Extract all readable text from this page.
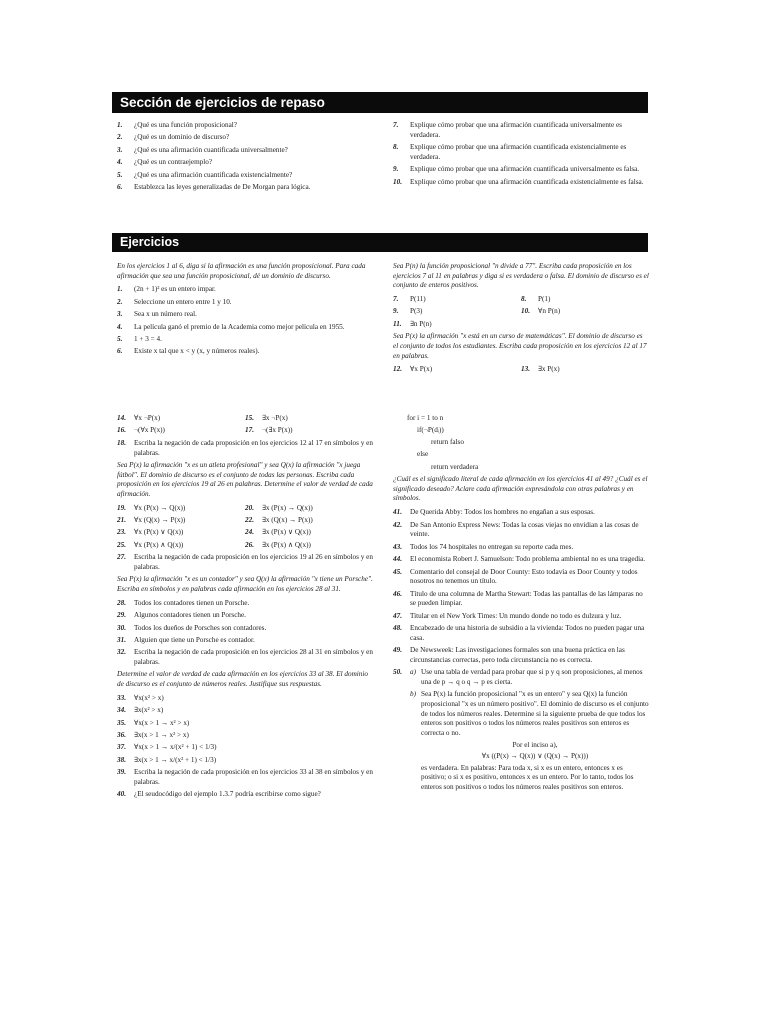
Sección de ejercicios de repaso
1.	¿Qué es una función proposicional?
2.	¿Qué es un dominio de discurso?
3.	¿Qué es una afirmación cuantificada universalmente?
4.	¿Qué es un contraejemplo?
5.	¿Qué es una afirmación cuantificada existencialmente?
6.	Establezca las leyes generalizadas de De Morgan para lógica.
7.	Explique cómo probar que una afirmación cuantificada universalmente es verdadera.
8.	Explique cómo probar que una afirmación cuantificada existencialmente es verdadera.
9.	Explique cómo probar que una afirmación cuantificada universalmente es falsa.
10.	Explique cómo probar que una afirmación cuantificada existencialmente es falsa.
Ejercicios
En los ejercicios 1 al 6, diga si la afirmación es una función proposicional. Para cada afirmación que sea una función proposicional, dé un dominio de discurso.
1.	(2n + 1)² es un entero impar.
2.	Seleccione un entero entre 1 y 10.
3.	Sea x un número real.
4.	La película ganó el premio de la Academia como mejor película en 1955.
5.	1 + 3 = 4.
6.	Existe x tal que x < y (x, y números reales).
Sea P(n) la función proposicional "n divide a 77". Escriba cada proposición en los ejercicios 7 al 11 en palabras y diga si es verdadera o falsa. El dominio de discurso es el conjunto de enteros positivos.
7.	P(11)	8.	P(1)
9.	P(3)	10.	∀n P(n)
11.	∃n P(n)
Sea P(x) la afirmación "x está en un curso de matemáticas". El dominio de discurso es el conjunto de todos los estudiantes. Escriba cada proposición en los ejercicios 12 al 17 en palabras.
12.	∀x P(x)	13.	∃x P(x)
14.	∀x ¬P(x)	15.	∃x ¬P(x)
16.	¬(∀x P(x))	17.	¬(∃x P(x))
18.	Escriba la negación de cada proposición en los ejercicios 12 al 17 en símbolos y en palabras.
Sea P(x) la afirmación "x es un atleta profesional" y sea Q(x) la afirmación "x juega fútbol". El dominio de discurso es el conjunto de todas las personas. Escriba cada proposición en los ejercicios 19 al 26 en palabras. Determine el valor de verdad de cada afirmación.
19.	∀x (P(x) → Q(x))	20.	∃x (P(x) → Q(x))
21.	∀x (Q(x) → P(x))	22.	∃x (Q(x) → P(x))
23.	∀x (P(x) ∨ Q(x))	24.	∃x (P(x) ∨ Q(x))
25.	∀x (P(x) ∧ Q(x))	26.	∃x (P(x) ∧ Q(x))
27.	Escriba la negación de cada proposición en los ejercicios 19 al 26 en símbolos y en palabras.
Sea P(x) la afirmación "x es un contador" y sea Q(x) la afirmación "x tiene un Porsche". Escriba en símbolos y en palabras cada afirmación en los ejercicios 28 al 31.
28.	Todos los contadores tienen un Porsche.
29.	Algunos contadores tienen un Porsche.
30.	Todos los dueños de Porsches son contadores.
31.	Alguien que tiene un Porsche es contador.
32.	Escriba la negación de cada proposición en los ejercicios 28 al 31 en símbolos y en palabras.
Determine el valor de verdad de cada afirmación en los ejercicios 33 al 38. El dominio de discurso es el conjunto de números reales. Justifique sus respuestas.
33.	∀x(x² > x)
34.	∃x(x² > x)
35.	∀x(x > 1 → x² > x)
36.	∃x(x > 1 → x² > x)
37.	∀x(x > 1 → x/(x² + 1) < 1/3)
38.	∃x(x > 1 → x/(x² + 1) < 1/3)
39.	Escriba la negación de cada proposición en los ejercicios 33 al 38 en símbolos y en palabras.
40.	¿El seudocódigo del ejemplo 1.3.7 podría escribirse como sigue?
for i = 1 to n
if(¬P(dᵢ))
return falso
else
return verdadera
¿Cuál es el significado literal de cada afirmación en los ejercicios 41 al 49? ¿Cuál es el significado deseado? Aclare cada afirmación expresándola con otras palabras y en símbolos.
41.	De Querida Abby: Todos los hombres no engañan a sus esposas.
42.	De San Antonio Express News: Todas la cosas viejas no envidian a las cosas de veinte.
43.	Todos los 74 hospitales no entregan su reporte cada mes.
44.	El economista Robert J. Samuelson: Todo problema ambiental no es una tragedia.
45.	Comentario del consejal de Door County: Esto todavía es Door County y todos nosotros no tenemos un título.
46.	Título de una columna de Martha Stewart: Todas las pantallas de las lámparas no se pueden limpiar.
47.	Titular en el New York Times: Un mundo donde no todo es dulzura y luz.
48.	Encabezado de una historia de subsidio a la vivienda: Todos no pueden pagar una casa.
49.	De Newsweek: Las investigaciones formales son una buena práctica en las circunstancias correctas, pero toda circunstancia no es correcta.
50.	a) Use una tabla de verdad para probar que si p y q son proposiciones, al menos una de p → q o q → p es cierta.
b) Sea P(x) la función proposicional "x es un entero" y sea Q(x) la función proposicional "x es un número positivo". El dominio de discurso es el conjunto de todos los números reales. Determine si la siguiente prueba de que todos los enteros son positivos o todos los números reales positivos son enteros es correcta o no.
Por el inciso a),
∀x ((P(x) → Q(x)) ∨ (Q(x) → P(x)))
es verdadera. En palabras: Para toda x, si x es un entero, entonces x es positivo; o si x es positivo, entonces x es un entero. Por lo tanto, todos los enteros son positivos o todos los números reales positivos son enteros.
